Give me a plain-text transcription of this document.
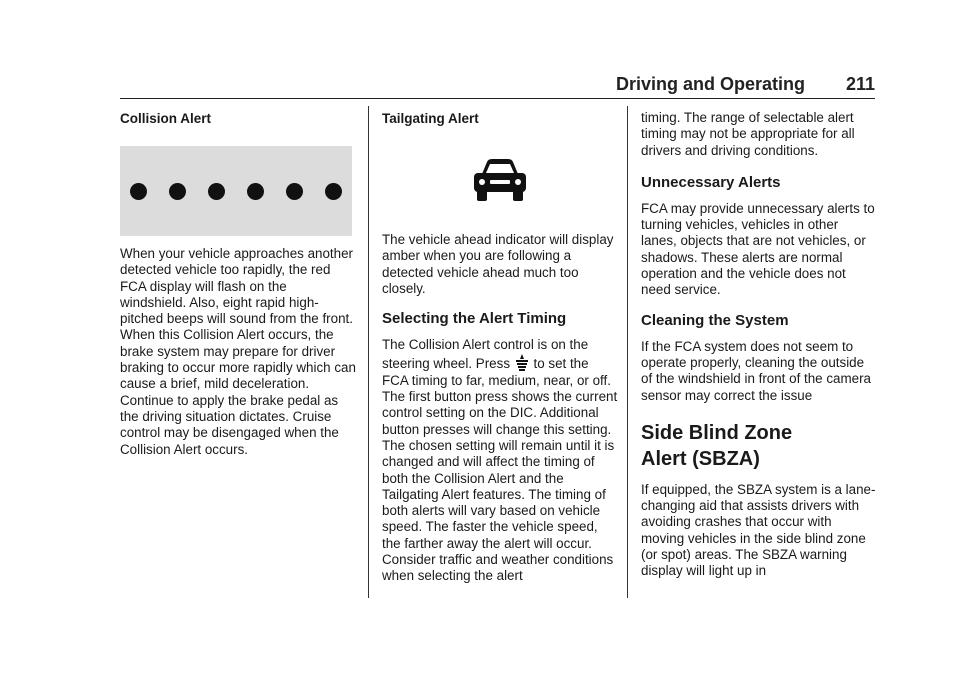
Driving and Operating 211

Collision Alert

When your vehicle approaches another detected vehicle too rapidly, the red FCA display will flash on the windshield. Also, eight rapid high-pitched beeps will sound from the front. When this Collision Alert occurs, the brake system may prepare for driver braking to occur more rapidly which can cause a brief, mild deceleration. Continue to apply the brake pedal as the driving situation dictates. Cruise control may be disengaged when the Collision Alert occurs.

Tailgating Alert

The vehicle ahead indicator will display amber when you are following a detected vehicle ahead much too closely.

Selecting the Alert Timing

The Collision Alert control is on the steering wheel. Press to set the FCA timing to far, medium, near, or off. The first button press shows the current control setting on the DIC. Additional button presses will change this setting. The chosen setting will remain until it is changed and will affect the timing of both the Collision Alert and the Tailgating Alert features. The timing of both alerts will vary based on vehicle speed. The faster the vehicle speed, the farther away the alert will occur. Consider traffic and weather conditions when selecting the alert

timing. The range of selectable alert timing may not be appropriate for all drivers and driving conditions.

Unnecessary Alerts

FCA may provide unnecessary alerts to turning vehicles, vehicles in other lanes, objects that are not vehicles, or shadows. These alerts are normal operation and the vehicle does not need service.

Cleaning the System

If the FCA system does not seem to operate properly, cleaning the outside of the windshield in front of the camera sensor may correct the issue

Side Blind Zone
Alert (SBZA)

If equipped, the SBZA system is a lane-changing aid that assists drivers with avoiding crashes that occur with moving vehicles in the side blind zone (or spot) areas. The SBZA warning display will light up in
